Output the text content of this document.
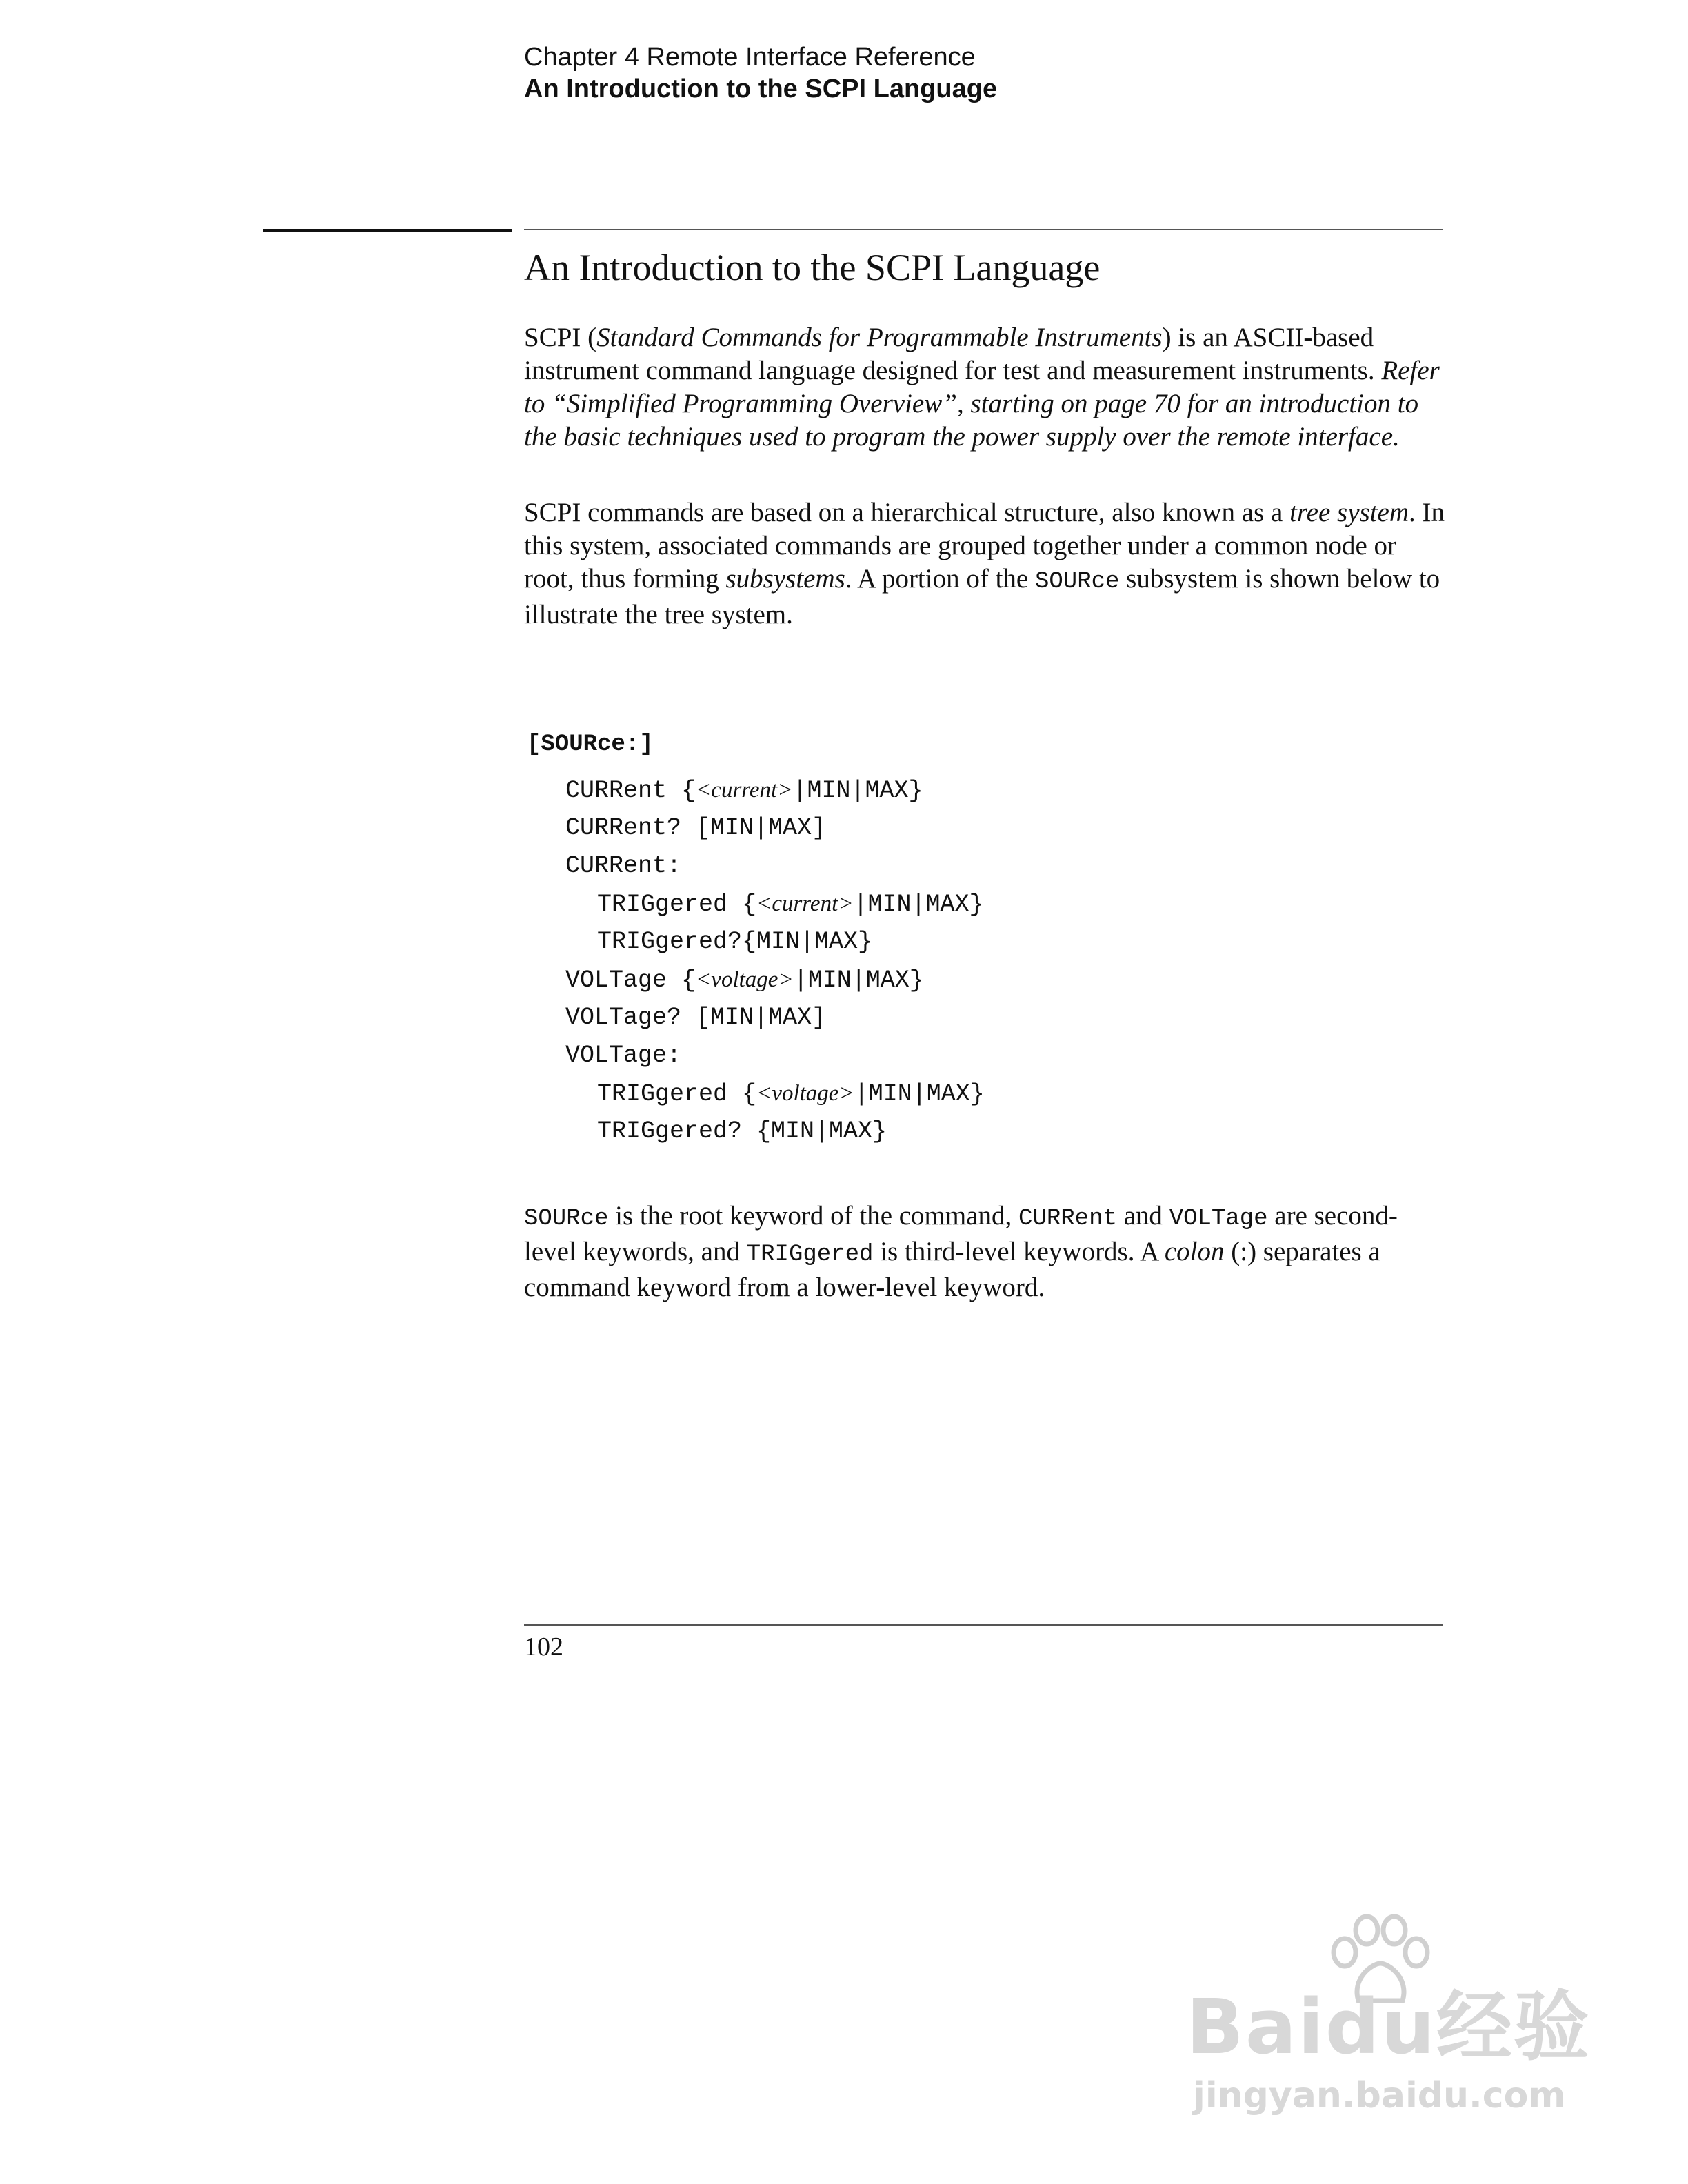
Chapter 4 Remote Interface Reference
An Introduction to the SCPI Language
An Introduction to the SCPI Language

SCPI (Standard Commands for Programmable Instruments) is an ASCII-based instrument command language designed for test and measurement instruments. Refer to “Simplified Programming Overview”, starting on page 70 for an introduction to the basic techniques used to program the power supply over the remote interface.

SCPI commands are based on a hierarchical structure, also known as a tree system. In this system, associated commands are grouped together under a common node or root, thus forming subsystems. A portion of the SOURce subsystem is shown below to illustrate the tree system.

[SOURce:]
CURRent {<current>|MIN|MAX}
CURRent? [MIN|MAX]
CURRent:
TRIGgered {<current>|MIN|MAX}
TRIGgered?{MIN|MAX}
VOLTage {<voltage>|MIN|MAX}
VOLTage? [MIN|MAX]
VOLTage:
TRIGgered {<voltage>|MIN|MAX}
TRIGgered? {MIN|MAX}

SOURce is the root keyword of the command, CURRent and VOLTage are second-level keywords, and TRIGgered is third-level keywords. A colon (:) separates a command keyword from a lower-level keyword.

102
Baidu经验
jingyan.baidu.com
